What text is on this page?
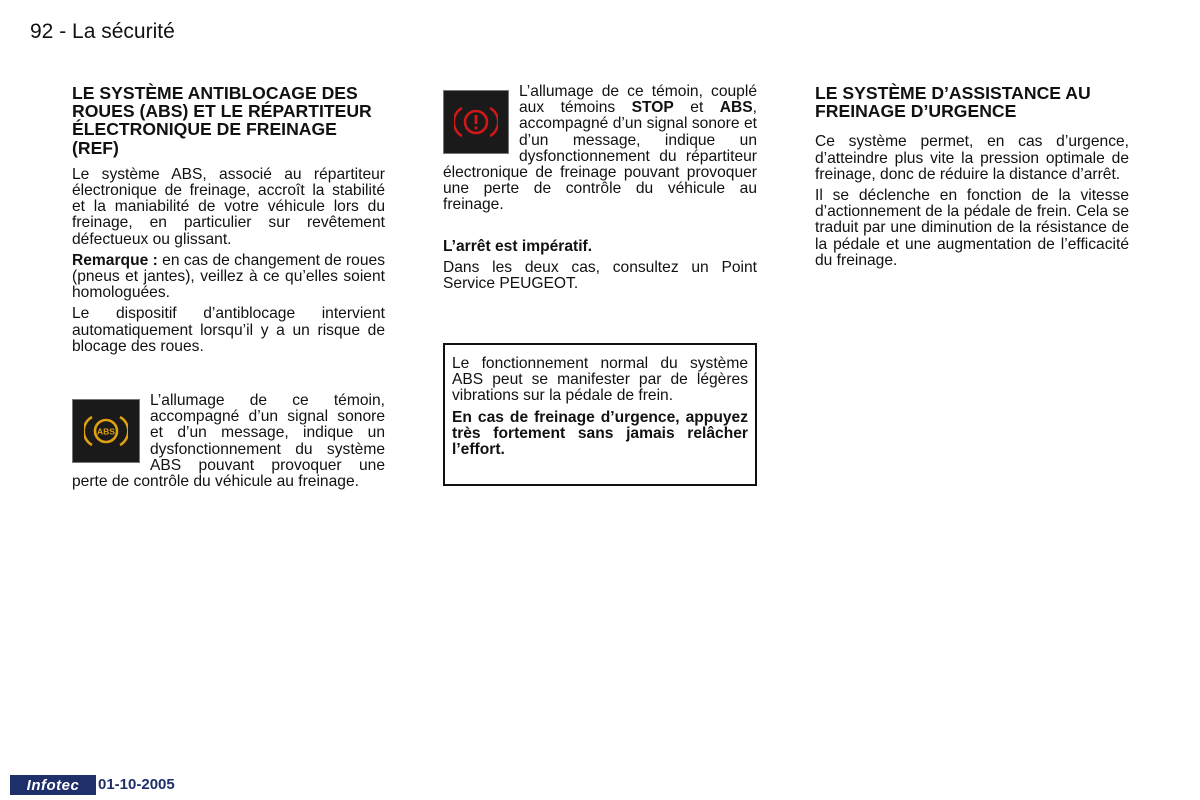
92 - La sécurité
LE SYSTÈME ANTIBLOCAGE DES ROUES (ABS) ET LE RÉPARTITEUR ÉLECTRONIQUE DE FREINAGE (REF)

Le système ABS, associé au répartiteur électronique de freinage, accroît la stabilité et la maniabilité de votre véhicule lors du freinage, en particulier sur revêtement défectueux ou glissant.

Remarque : en cas de changement de roues (pneus et jantes), veillez à ce qu’elles soient homologuées.

Le dispositif d’antiblocage intervient automatiquement lorsqu’il y a un risque de blocage des roues.

ABS

L’allumage de ce témoin, accompagné d’un signal sonore et d’un message, indique un dysfonctionnement du système ABS pouvant provoquer une perte de contrôle du véhicule au freinage.

L’allumage de ce témoin, couplé aux témoins STOP et ABS, accompagné d’un signal sonore et d’un message, indique un dysfonctionnement du répartiteur électronique de freinage pouvant provoquer une perte de contrôle du véhicule au freinage.

L’arrêt est impératif.

Dans les deux cas, consultez un Point Service PEUGEOT.

Le fonctionnement normal du système ABS peut se manifester par de légères vibrations sur la pédale de frein.

En cas de freinage d’urgence, appuyez très fortement sans jamais relâcher l’effort.

LE SYSTÈME D’ASSISTANCE AU FREINAGE D’URGENCE

Ce système permet, en cas d’urgence, d’atteindre plus vite la pression optimale de freinage, donc de réduire la distance d’arrêt.

Il se déclenche en fonction de la vitesse d’actionnement de la pédale de frein. Cela se traduit par une diminution de la résistance de la pédale et une augmentation de l’efficacité du freinage.

Infotec	01-10-2005
